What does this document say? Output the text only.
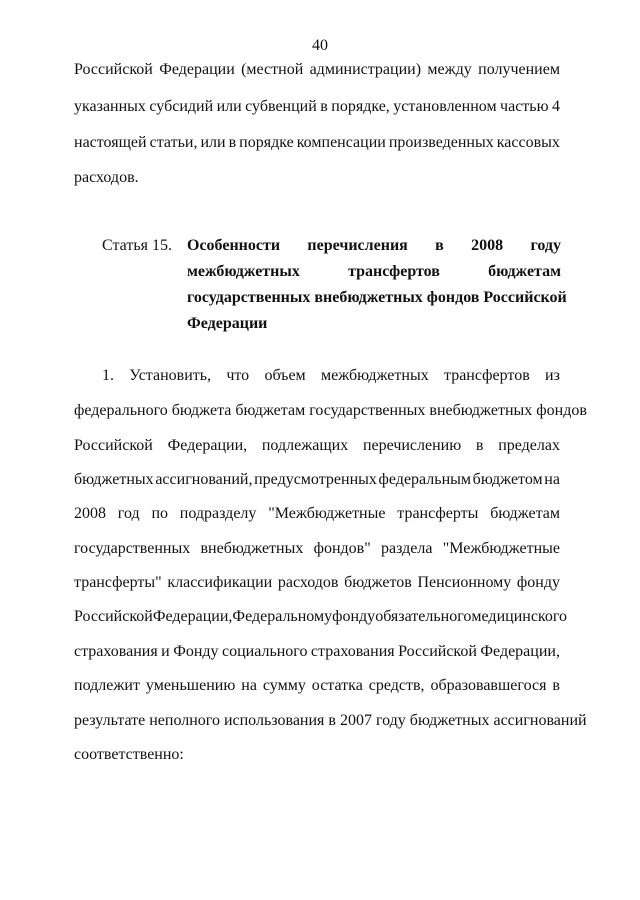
40
Российской Федерации (местной администрации) между получением
указанных субсидий или субвенций в порядке, установленном частью 4
настоящей статьи, или в порядке компенсации произведенных кассовых
расходов.
Статья 15. Особенности перечисления в 2008 году
межбюджетных	трансфертов	бюджетам
государственных внебюджетных фондов Российской
Федерации
1. Установить, что объем межбюджетных трансфертов из
федерального бюджета бюджетам государственных внебюджетных фондов
Российской Федерации, подлежащих перечислению в пределах
бюджетных ассигнований, предусмотренных федеральным бюджетом на
2008 год по подразделу "Межбюджетные трансферты бюджетам
государственных внебюджетных фондов" раздела "Межбюджетные
трансферты" классификации расходов бюджетов Пенсионному фонду
Российской Федерации, Федеральному фонду обязательного медицинского
страхования и Фонду социального страхования Российской Федерации,
подлежит уменьшению на сумму остатка средств, образовавшегося в
результате неполного использования в 2007 году бюджетных ассигнований
соответственно:
